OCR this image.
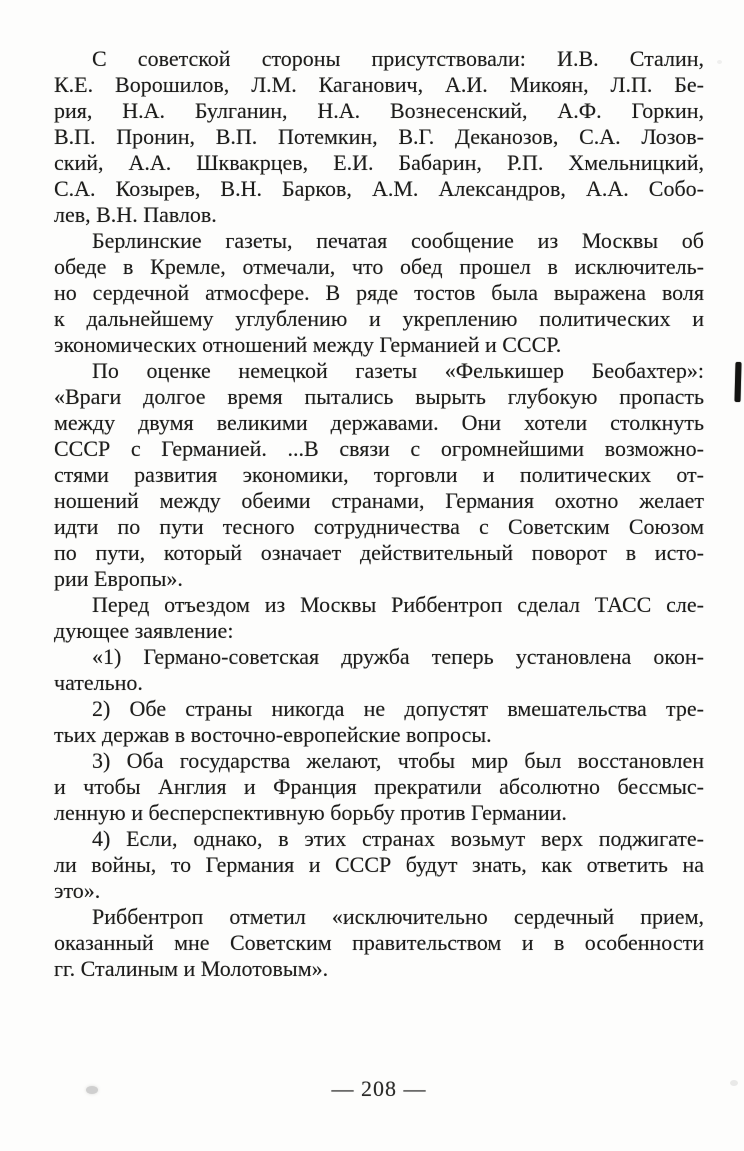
С советской стороны присутствовали: И.В. Сталин,
К.Е. Ворошилов, Л.М. Каганович, А.И. Микоян, Л.П. Бе-
рия, Н.А. Булганин, Н.А. Вознесенский, А.Ф. Горкин,
В.П. Пронин, В.П. Потемкин, В.Г. Деканозов, С.А. Лозов-
ский, А.А. Шквакрцев, Е.И. Бабарин, Р.П. Хмельницкий,
С.А. Козырев, В.Н. Барков, А.М. Александров, А.А. Собо-
лев, В.Н. Павлов.
Берлинские газеты, печатая сообщение из Москвы об
обеде в Кремле, отмечали, что обед прошел в исключитель-
но сердечной атмосфере. В ряде тостов была выражена воля
к дальнейшему углублению и укреплению политических и
экономических отношений между Германией и СССР.
По оценке немецкой газеты «Фелькишер Беобахтер»:
«Враги долгое время пытались вырыть глубокую пропасть
между двумя великими державами. Они хотели столкнуть
СССР с Германией. ...В связи с огромнейшими возможно-
стями развития экономики, торговли и политических от-
ношений между обеими странами, Германия охотно желает
идти по пути тесного сотрудничества с Советским Союзом
по пути, который означает действительный поворот в исто-
рии Европы».
Перед отъездом из Москвы Риббентроп сделал ТАСС сле-
дующее заявление:
«1) Германо-советская дружба теперь установлена окон-
чательно.
2) Обе страны никогда не допустят вмешательства тре-
тьих держав в восточно-европейские вопросы.
3) Оба государства желают, чтобы мир был восстановлен
и чтобы Англия и Франция прекратили абсолютно бессмыс-
ленную и бесперспективную борьбу против Германии.
4) Если, однако, в этих странах возьмут верх поджигате-
ли войны, то Германия и СССР будут знать, как ответить на
это».
Риббентроп отметил «исключительно сердечный прием,
оказанный мне Советским правительством и в особенности
гг. Сталиным и Молотовым».
— 208 —
